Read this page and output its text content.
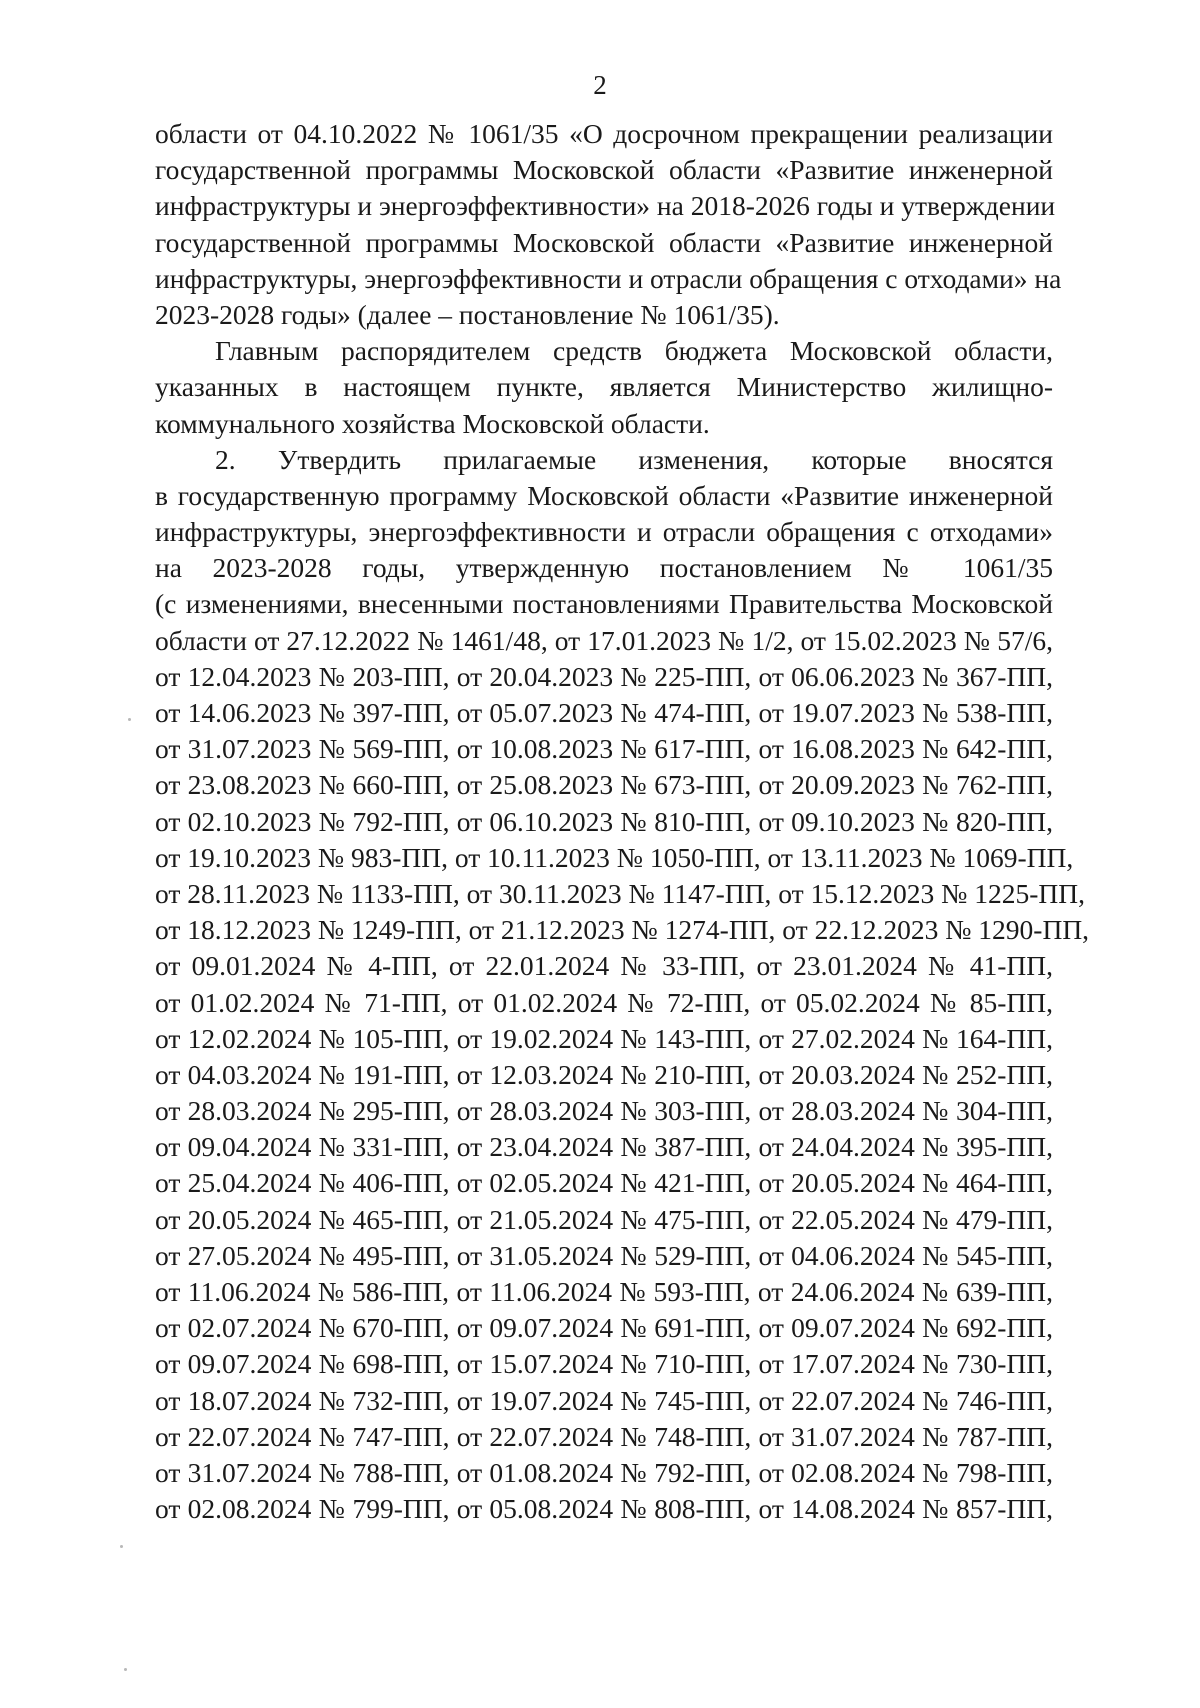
2
области от 04.10.2022 № 1061/35 «О досрочном прекращении реализации
государственной программы Московской области «Развитие инженерной
инфраструктуры и энергоэффективности» на 2018-2026 годы и утверждении
государственной программы Московской области «Развитие инженерной
инфраструктуры, энергоэффективности и отрасли обращения с отходами» на
2023-2028 годы» (далее – постановление № 1061/35).
Главным распорядителем средств бюджета Московской области,
указанных в настоящем пункте, является Министерство жилищно-
коммунального хозяйства Московской области.
2. Утвердить прилагаемые изменения, которые вносятся
в государственную программу Московской области «Развитие инженерной
инфраструктуры, энергоэффективности и отрасли обращения с отходами»
на 2023-2028 годы, утвержденную постановлением № 1061/35
(с изменениями, внесенными постановлениями Правительства Московской
области от 27.12.2022 № 1461/48, от 17.01.2023 № 1/2, от 15.02.2023 № 57/6,
от 12.04.2023 № 203-ПП, от 20.04.2023 № 225-ПП, от 06.06.2023 № 367-ПП,
от 14.06.2023 № 397-ПП, от 05.07.2023 № 474-ПП, от 19.07.2023 № 538-ПП,
от 31.07.2023 № 569-ПП, от 10.08.2023 № 617-ПП, от 16.08.2023 № 642-ПП,
от 23.08.2023 № 660-ПП, от 25.08.2023 № 673-ПП, от 20.09.2023 № 762-ПП,
от 02.10.2023 № 792-ПП, от 06.10.2023 № 810-ПП, от 09.10.2023 № 820-ПП,
от 19.10.2023 № 983-ПП, от 10.11.2023 № 1050-ПП, от 13.11.2023 № 1069-ПП,
от 28.11.2023 № 1133-ПП, от 30.11.2023 № 1147-ПП, от 15.12.2023 № 1225-ПП,
от 18.12.2023 № 1249-ПП, от 21.12.2023 № 1274-ПП, от 22.12.2023 № 1290-ПП,
от 09.01.2024 № 4-ПП, от 22.01.2024 № 33-ПП, от 23.01.2024 № 41-ПП,
от 01.02.2024 № 71-ПП, от 01.02.2024 № 72-ПП, от 05.02.2024 № 85-ПП,
от 12.02.2024 № 105-ПП, от 19.02.2024 № 143-ПП, от 27.02.2024 № 164-ПП,
от 04.03.2024 № 191-ПП, от 12.03.2024 № 210-ПП, от 20.03.2024 № 252-ПП,
от 28.03.2024 № 295-ПП, от 28.03.2024 № 303-ПП, от 28.03.2024 № 304-ПП,
от 09.04.2024 № 331-ПП, от 23.04.2024 № 387-ПП, от 24.04.2024 № 395-ПП,
от 25.04.2024 № 406-ПП, от 02.05.2024 № 421-ПП, от 20.05.2024 № 464-ПП,
от 20.05.2024 № 465-ПП, от 21.05.2024 № 475-ПП, от 22.05.2024 № 479-ПП,
от 27.05.2024 № 495-ПП, от 31.05.2024 № 529-ПП, от 04.06.2024 № 545-ПП,
от 11.06.2024 № 586-ПП, от 11.06.2024 № 593-ПП, от 24.06.2024 № 639-ПП,
от 02.07.2024 № 670-ПП, от 09.07.2024 № 691-ПП, от 09.07.2024 № 692-ПП,
от 09.07.2024 № 698-ПП, от 15.07.2024 № 710-ПП, от 17.07.2024 № 730-ПП,
от 18.07.2024 № 732-ПП, от 19.07.2024 № 745-ПП, от 22.07.2024 № 746-ПП,
от 22.07.2024 № 747-ПП, от 22.07.2024 № 748-ПП, от 31.07.2024 № 787-ПП,
от 31.07.2024 № 788-ПП, от 01.08.2024 № 792-ПП, от 02.08.2024 № 798-ПП,
от 02.08.2024 № 799-ПП, от 05.08.2024 № 808-ПП, от 14.08.2024 № 857-ПП,
